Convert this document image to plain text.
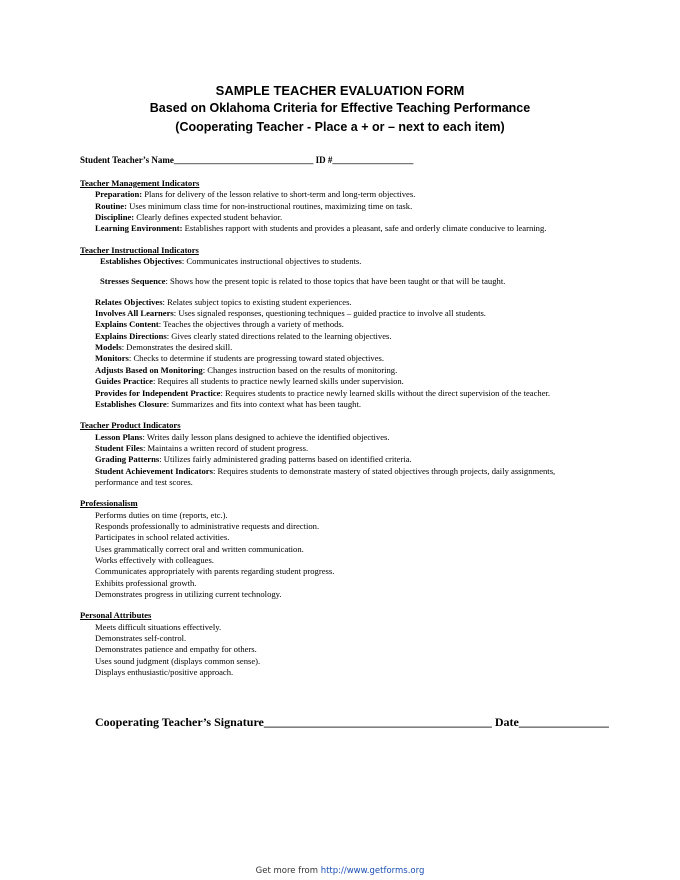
SAMPLE TEACHER EVALUATION FORM
Based on Oklahoma Criteria for Effective Teaching Performance
(Cooperating Teacher - Place a + or – next to each item)
Student Teacher’s Name_______________________________ ID #__________________
Teacher Management Indicators
Preparation: Plans for delivery of the lesson relative to short-term and long-term objectives.
Routine: Uses minimum class time for non-instructional routines, maximizing time on task.
Discipline: Clearly defines expected student behavior.
Learning Environment: Establishes rapport with students and provides a pleasant, safe and orderly climate conducive to learning.
Teacher Instructional Indicators
Establishes Objectives: Communicates instructional objectives to students.
Stresses Sequence: Shows how the present topic is related to those topics that have been taught or that will be taught.
Relates Objectives: Relates subject topics to existing student experiences.
Involves All Learners: Uses signaled responses, questioning techniques – guided practice to involve all students.
Explains Content: Teaches the objectives through a variety of methods.
Explains Directions: Gives clearly stated directions related to the learning objectives.
Models: Demonstrates the desired skill.
Monitors: Checks to determine if students are progressing toward stated objectives.
Adjusts Based on Monitoring: Changes instruction based on the results of monitoring.
Guides Practice: Requires all students to practice newly learned skills under supervision.
Provides for Independent Practice: Requires students to practice newly learned skills without the direct supervision of the teacher.
Establishes Closure: Summarizes and fits into context what has been taught.
Teacher Product Indicators
Lesson Plans: Writes daily lesson plans designed to achieve the identified objectives.
Student Files: Maintains a written record of student progress.
Grading Patterns: Utilizes fairly administered grading patterns based on identified criteria.
Student Achievement Indicators: Requires students to demonstrate mastery of stated objectives through projects, daily assignments, performance and test scores.
Professionalism
Performs duties on time (reports, etc.).
Responds professionally to administrative requests and direction.
Participates in school related activities.
Uses grammatically correct oral and written communication.
Works effectively with colleagues.
Communicates appropriately with parents regarding student progress.
Exhibits professional growth.
Demonstrates progress in utilizing current technology.
Personal Attributes
Meets difficult situations effectively.
Demonstrates self-control.
Demonstrates patience and empathy for others.
Uses sound judgment (displays common sense).
Displays enthusiastic/positive approach.
Cooperating Teacher’s Signature______________________________________ Date_______________
Get more from http://www.getforms.org
